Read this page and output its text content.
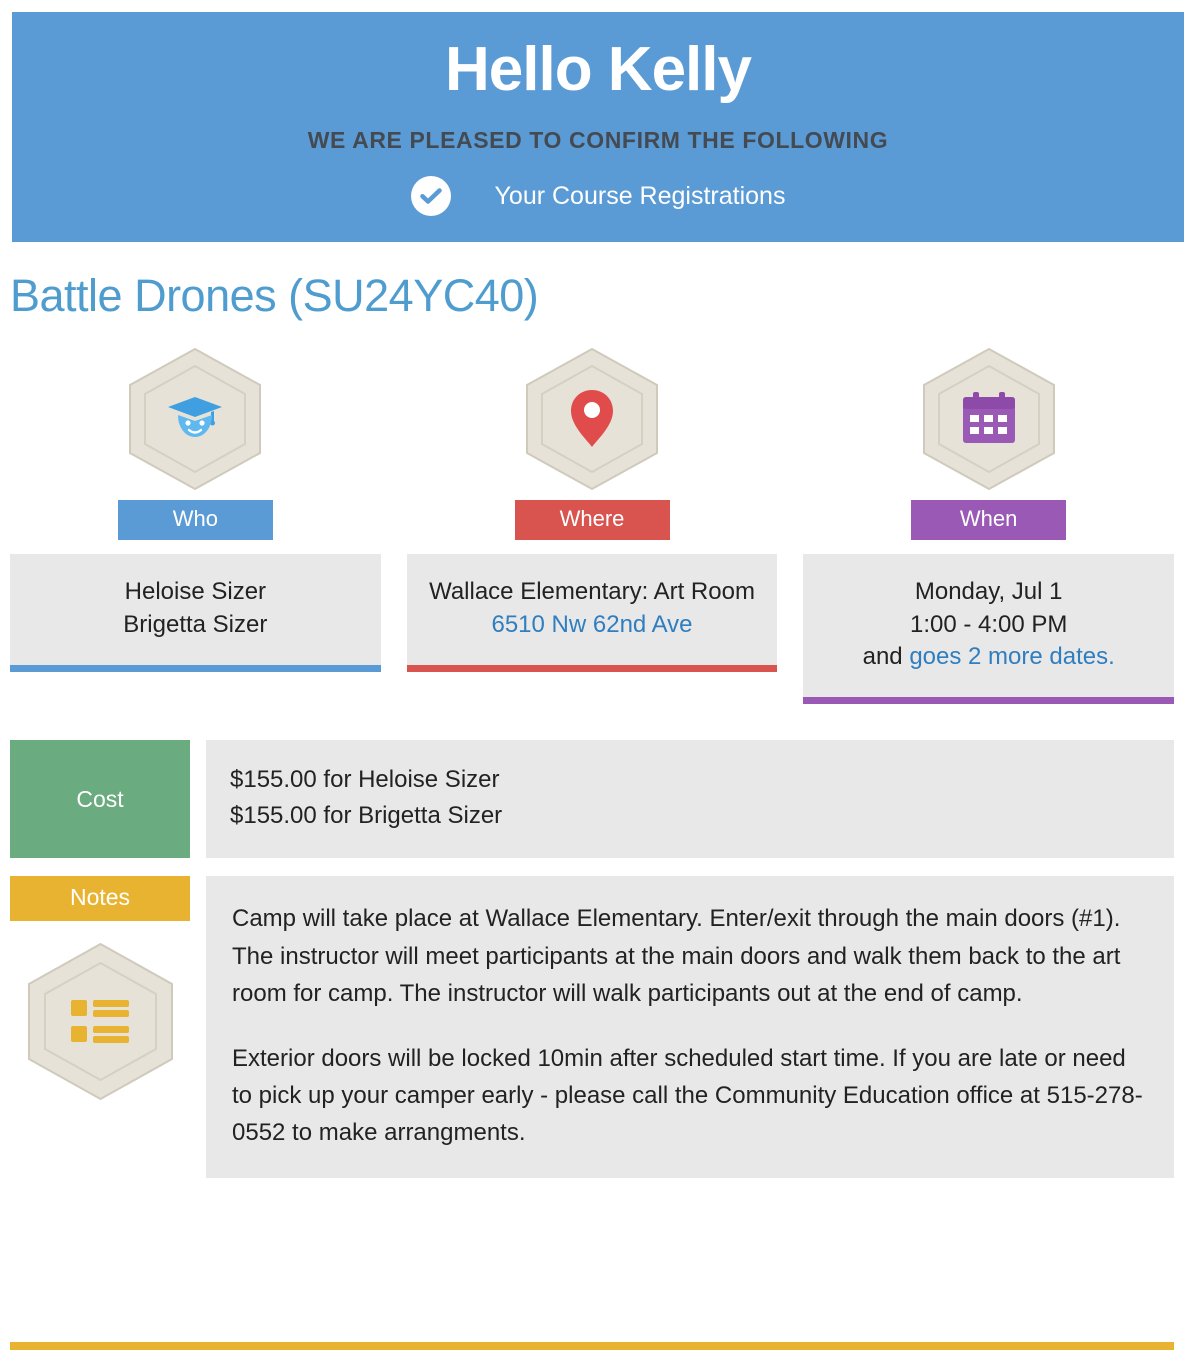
Hello Kelly
WE ARE PLEASED TO CONFIRM THE FOLLOWING
Your Course Registrations
Battle Drones (SU24YC40)
Who
Heloise Sizer
Brigetta Sizer
Where
Wallace Elementary: Art Room
6510 Nw 62nd Ave
When
Monday, Jul 1
1:00 - 4:00 PM
and goes 2 more dates.
Cost
$155.00 for Heloise Sizer
$155.00 for Brigetta Sizer
Notes

Camp will take place at Wallace Elementary. Enter/exit through the main doors (#1). The instructor will meet participants at the main doors and walk them back to the art room for camp. The instructor will walk participants out at the end of camp.

Exterior doors will be locked 10min after scheduled start time. If you are late or need to pick up your camper early - please call the Community Education office at 515-278-0552 to make arrangments.
